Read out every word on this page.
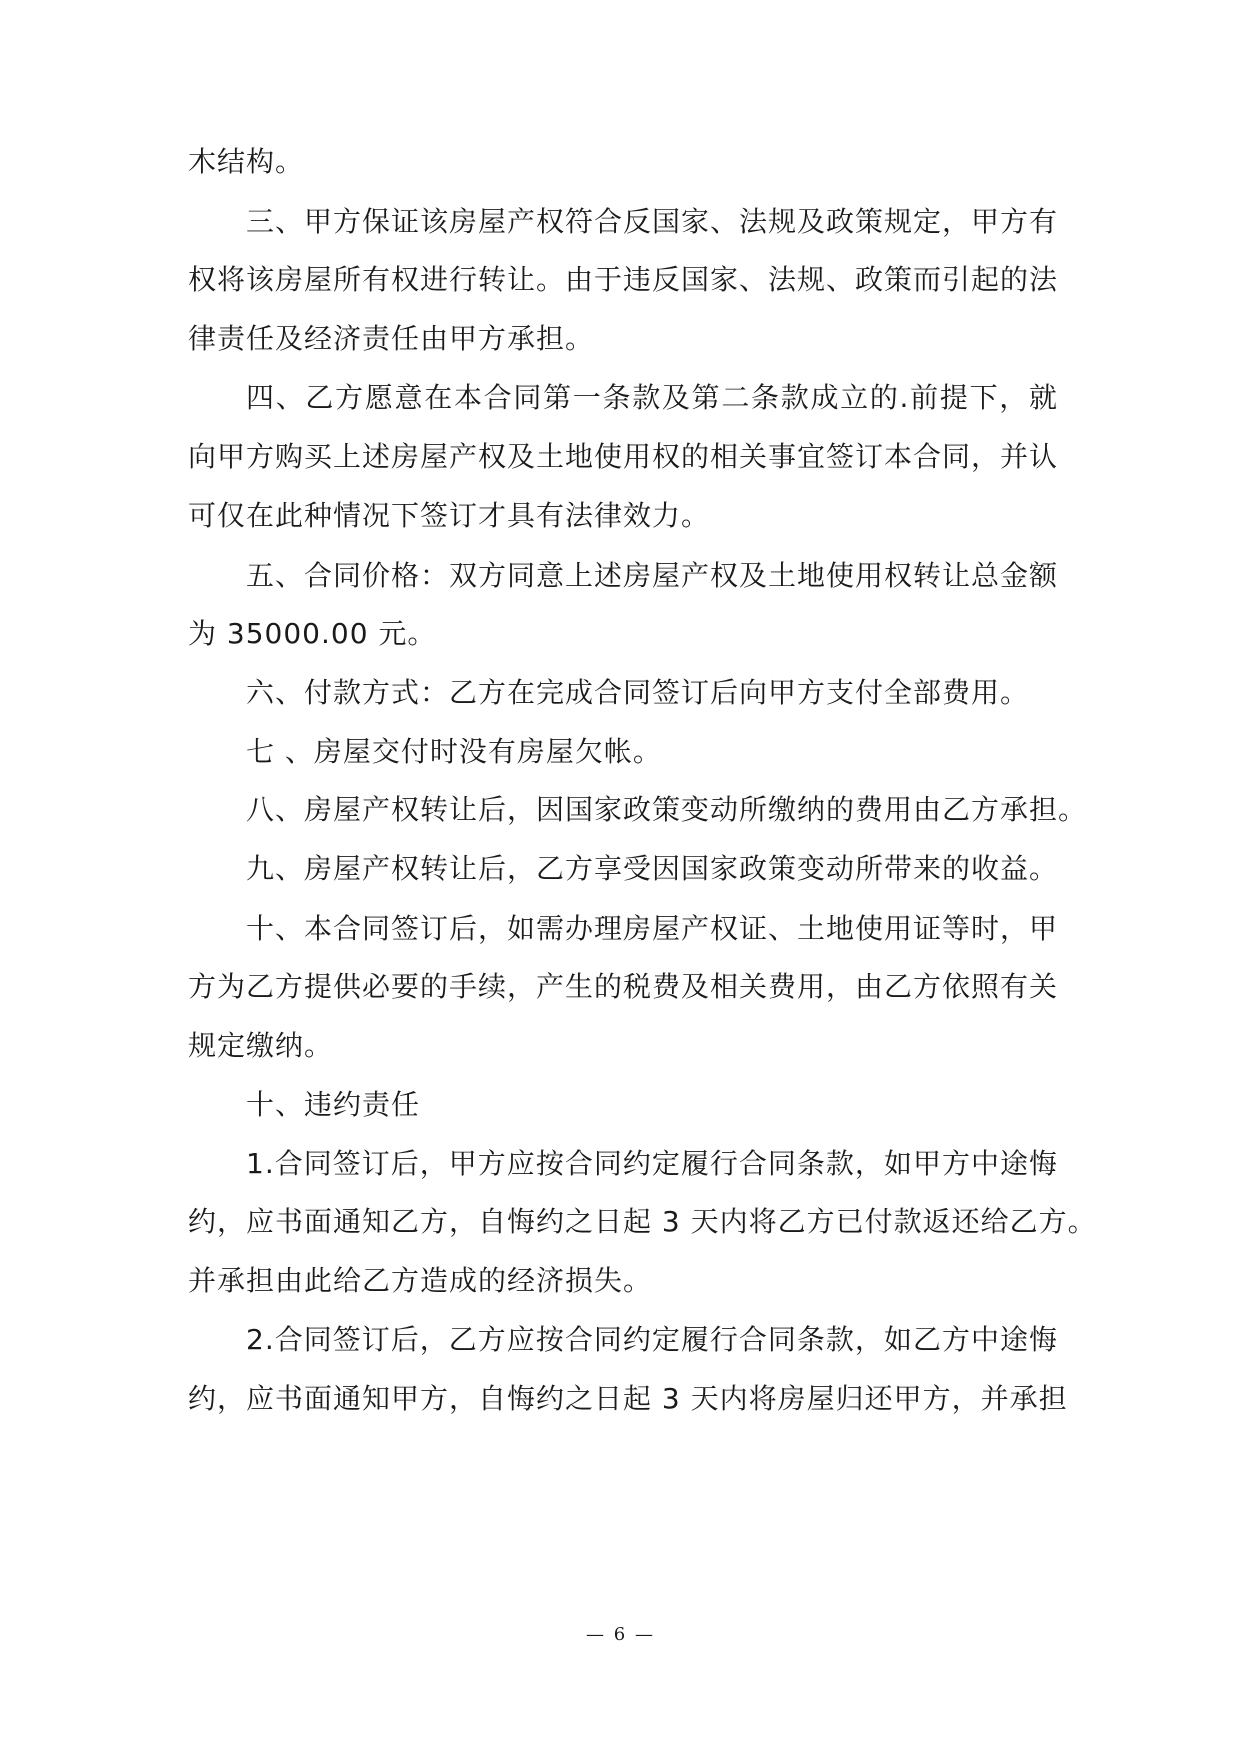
木结构。
三、甲方保证该房屋产权符合反国家、法规及政策规定，甲方有
权将该房屋所有权进行转让。由于违反国家、法规、政策而引起的法
律责任及经济责任由甲方承担。
四、乙方愿意在本合同第一条款及第二条款成立的.前提下，就
向甲方购买上述房屋产权及土地使用权的相关事宜签订本合同，并认
可仅在此种情况下签订才具有法律效力。
五、合同价格：双方同意上述房屋产权及土地使用权转让总金额
为 35000.00 元。
六、付款方式：乙方在完成合同签订后向甲方支付全部费用。
七 、房屋交付时没有房屋欠帐。
八、房屋产权转让后，因国家政策变动所缴纳的费用由乙方承担。
九、房屋产权转让后，乙方享受因国家政策变动所带来的收益。
十、本合同签订后，如需办理房屋产权证、土地使用证等时，甲
方为乙方提供必要的手续，产生的税费及相关费用，由乙方依照有关
规定缴纳。
十、违约责任
1.合同签订后，甲方应按合同约定履行合同条款，如甲方中途悔
约，应书面通知乙方，自悔约之日起 3 天内将乙方已付款返还给乙方。
并承担由此给乙方造成的经济损失。
2.合同签订后，乙方应按合同约定履行合同条款，如乙方中途悔
约，应书面通知甲方，自悔约之日起 3 天内将房屋归还甲方，并承担
— 6 —
